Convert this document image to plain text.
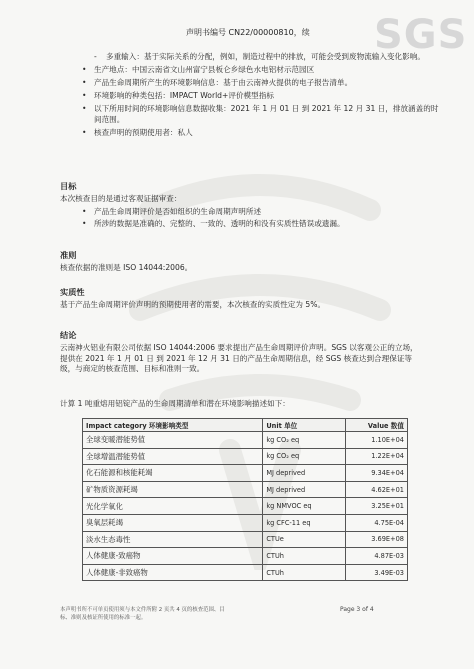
声明书编号 CN22/00000810，续 SGS
- 多重输入：基于实际关系的分配，例如，制造过程中的排放，可能会受到废物流输入变化影响。
• 生产地点：中国云南省文山州富宁县板仑乡绿色水电铝材示范园区
• 产品生命周期所产生的环境影响信息：基于由云南神火提供的电子报告清单。
• 环境影响的种类包括：IMPACT World+评价模型指标
• 以下所用时间的环境影响信息数据收集：2021 年 1 月 01 日 到 2021 年 12 月 31 日，排放涵盖的时间范围。
• 核查声明的预期使用者：私人
目标
本次核查目的是通过客观证据审查：
• 产品生命周期评价是否如组织的生命周期声明所述
• 所涉的数据是准确的、完整的、一致的、透明的和没有实质性错误或遗漏。
准则
核查依据的准则是 ISO 14044:2006。
实质性
基于产品生命周期评价声明的预期使用者的需要，本次核查的实质性定为 5%。
结论
云南神火铝业有限公司依据 ISO 14044:2006 要求提出产品生命周期评价声明。SGS 以客观公正的立场，提供在 2021 年 1 月 01 日 到 2021 年 12 月 31 日的产品生命周期信息，经 SGS 核查达到合理保证等级，与商定的核查范围、目标和准则一致。
计算 1 吨重熔用铝锭产品的生命周期清单和潜在环境影响描述如下：
Impact category 环境影响类型	Unit 单位	Value 数值
全球变暖潜能势值	kg CO₂ eq	1.10E+04
全球增温潜能势值	kg CO₂ eq	1.22E+04
化石能源和核能耗竭	MJ deprived	9.34E+04
矿物质资源耗竭	MJ deprived	4.62E+01
光化学氧化	kg NMVOC eq	3.25E+01
臭氧层耗竭	kg CFC-11 eq	4.75E-04
淡水生态毒性	CTUe	3.69E+08
人体健康-致癌物	CTUh	4.87E-03
人体健康-非致癌物	CTUh	3.49E-03
本声明书所不可单页使用须与本文件所附 2 页共 4 页的核查范围、目标、准则及核证所使用的标准一起。
Page 3 of 4
